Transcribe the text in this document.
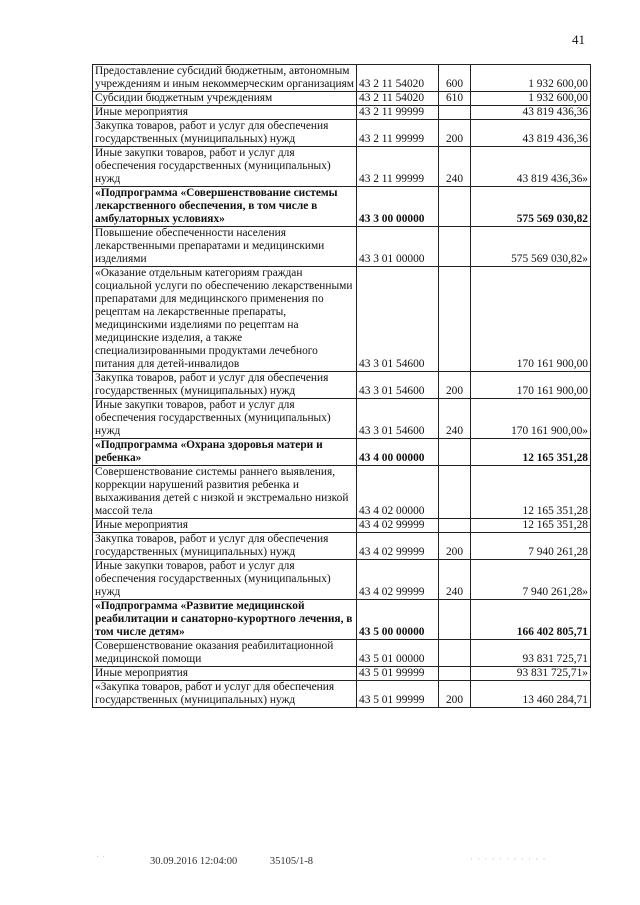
41
Предоставление субсидий бюджетным, автономным учреждениям и иным некоммерческим организациям	43 2 11 54020	600	1 932 600,00
Субсидии бюджетным учреждениям	43 2 11 54020	610	1 932 600,00
Иные мероприятия	43 2 11 99999		43 819 436,36
Закупка товаров, работ и услуг для обеспечения государственных (муниципальных) нужд	43 2 11 99999	200	43 819 436,36
Иные закупки товаров, работ и услуг для обеспечения государственных (муниципальных) нужд	43 2 11 99999	240	43 819 436,36»
«Подпрограмма «Совершенствование системы лекарственного обеспечения, в том числе в амбулаторных условиях»	43 3 00 00000		575 569 030,82
Повышение обеспеченности населения лекарственными препаратами и медицинскими изделиями	43 3 01 00000		575 569 030,82»
«Оказание отдельным категориям граждан социальной услуги по обеспечению лекарственными препаратами для медицинского применения по рецептам на лекарственные препараты, медицинскими изделиями по рецептам на медицинские изделия, а также специализированными продуктами лечебного питания для детей-инвалидов	43 3 01 54600		170 161 900,00
Закупка товаров, работ и услуг для обеспечения государственных (муниципальных) нужд	43 3 01 54600	200	170 161 900,00
Иные закупки товаров, работ и услуг для обеспечения государственных (муниципальных) нужд	43 3 01 54600	240	170 161 900,00»
«Подпрограмма «Охрана здоровья матери и ребенка»	43 4 00 00000		12 165 351,28
Совершенствование системы раннего выявления, коррекции нарушений развития ребенка и выхаживания детей с низкой и экстремально низкой массой тела	43 4 02 00000		12 165 351,28
Иные мероприятия	43 4 02 99999		12 165 351,28
Закупка товаров, работ и услуг для обеспечения государственных (муниципальных) нужд	43 4 02 99999	200	7 940 261,28
Иные закупки товаров, работ и услуг для обеспечения государственных (муниципальных) нужд	43 4 02 99999	240	7 940 261,28»
«Подпрограмма «Развитие медицинской реабилитации и санаторно-курортного лечения, в том числе детям»	43 5 00 00000		166 402 805,71
Совершенствование оказания реабилитационной медицинской помощи	43 5 01 00000		93 831 725,71
Иные мероприятия	43 5 01 99999		93 831 725,71»
«Закупка товаров, работ и услуг для обеспечения государственных (муниципальных) нужд	43 5 01 99999	200	13 460 284,71
· ·	30.09.2016 12:04:00	35105/1-8	· · · · · · · · · · ·
